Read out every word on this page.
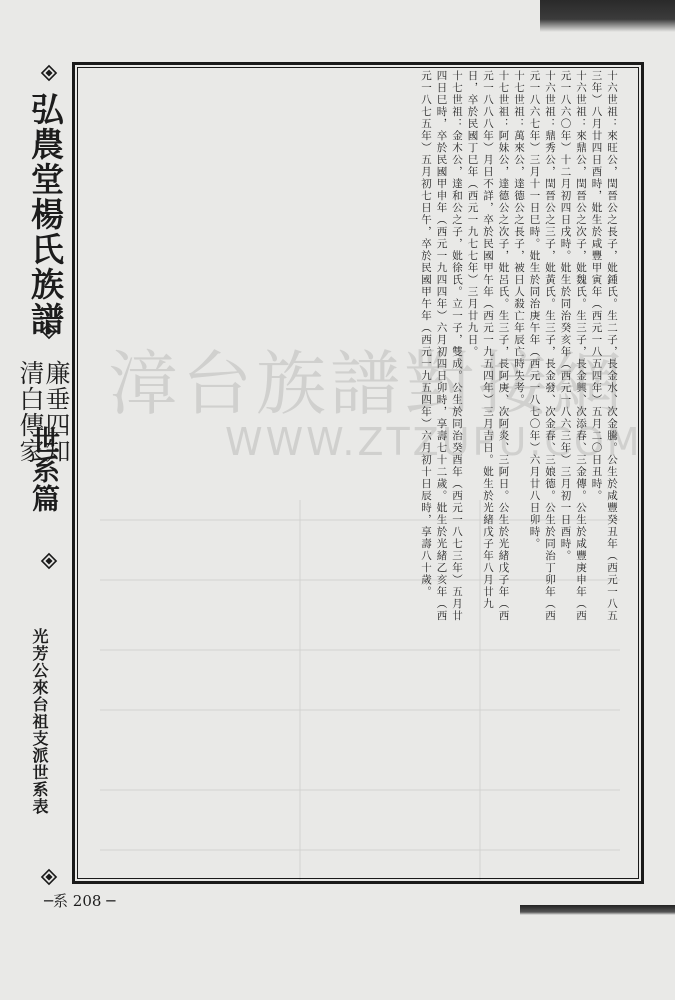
弘農堂楊氏族譜
廉垂四知
清白傳家
世系篇
光芳公來台祖支派世系表

十六世祖：來旺公，閏晉公之長子，妣鍾氏。生二子，長金水、次金騰。公生於咸豐癸丑年（西元一八五三年）八月廿四日酉時，妣生於咸豐甲寅年（西元一八五四年）五月二〇日丑時。

十六世祖：來鼎公，閏晉公之次子，妣魏氏。生三子，長金興、次添春、三金傳。公生於咸豐庚申年（西元一八六〇年）十二月初四日戌時。妣生於同治癸亥年（西元一八六三年）三月初一日酉時。

十六世祖：鼎秀公，閏晉公之三子，妣黃氏。生三子，長金發、次金春、三娘德。公生於同治丁卯年（西元一八六七年）三月十一日巳時。妣生於同治庚午年（西元一八七〇年）六月廿八日卯時。

十七世祖：萬來公，達德公之長子，被日人殺亡年辰亡時失考。

十七世祖：阿妹公，達德公之次子，妣呂氏。生三子，長阿庚、次阿炎、三阿日。公生於光緒戊子年（西元一八八八年）月日不詳，卒於民國甲午年（西元一九五四年）三月吉日。妣生於光緒戊子年八月廿九日，卒於民國丁巳年（西元一九七七年）三月廿九日。

十七世祖：金木公，達和公之子，妣徐氏。立一子，雙成。公生於同治癸酉年（西元一八七三年）五月廿四日巳時，卒於民國甲申年（西元一九四四年）六月初四日卯時，享壽七十二歲。妣生於光緒乙亥年（西元一八七五年）五月初七日午，卒於民國甲午年（西元一九五四年）六月初十日辰時，享壽八十歲。

漳台族譜對接網
WWW.ZTZUPU.COM
─系 208 ─
